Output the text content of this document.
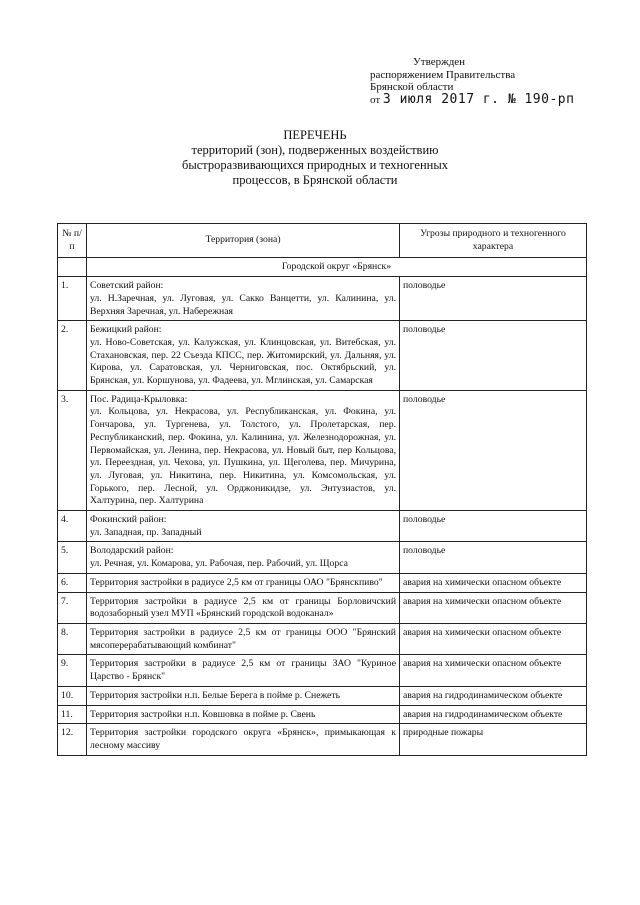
Утвержден
распоряжением Правительства
Брянской области
от 3 июля 2017 г. № 190-рп
ПЕРЕЧЕНЬ
территорий (зон), подверженных воздействию
быстроразвивающихся природных и техногенных
процессов, в Брянской области
№ п/п	Территория (зона)	Угрозы природного и техногенного характера
	Городской округ «Брянск»	
1.	Советский район:
ул. Н.Заречная, ул. Луговая, ул. Сакко Ванцетти, ул. Калинина, ул. Верхняя Заречная, ул. Набережная	половодье
2.	Бежицкий район:
ул. Ново-Советская, ул. Калужская, ул. Клинцовская, ул. Витебская, ул. Стахановская, пер. 22 Съезда КПСС, пер. Житомирский, ул. Дальняя, ул. Кирова, ул. Саратовская, ул. Черниговская, пос. Октябрьский, ул. Брянская, ул. Коршунова, ул. Фадеева, ул. Мглинская, ул. Самарская	половодье
3.	Пос. Радица-Крыловка:
ул. Кольцова, ул. Некрасова, ул. Республиканская, ул. Фокина, ул. Гончарова, ул. Тургенева, ул. Толстого, ул. Пролетарская, пер. Республиканский, пер. Фокина, ул. Калинина, ул. Железнодорожная, ул. Первомайская, ул. Ленина, пер. Некрасова, ул. Новый быт, пер Кольцова, ул. Переездная, ул. Чехова, ул. Пушкина, ул. Щеголева, пер. Мичурина, ул. Луговая, ул. Никитина, пер. Никитина, ул. Комсомольская, ул. Горького, пер. Лесной, ул. Орджоникидзе, ул. Энтузиастов, ул. Халтурина, пер. Халтурина	половодье
4.	Фокинский район:
ул. Западная, пр. Западный	половодье
5.	Володарский район:
ул. Речная, ул. Комарова, ул. Рабочая, пер. Рабочий, ул. Щорса	половодье
6.	Территория застройки в радиусе 2,5 км от границы ОАО "Брянскпиво"	авария на химически опасном объекте
7.	Территория застройки в радиусе 2,5 км от границы Борловичский водозаборный узел МУП «Брянский городской водоканал»	авария на химически опасном объекте
8.	Территория застройки в радиусе 2,5 км от границы ООО "Брянский мясоперерабатывающий комбинат"	авария на химически опасном объекте
9.	Территория застройки в радиусе 2,5 км от границы ЗАО "Куриное Царство - Брянск"	авария на химически опасном объекте
10.	Территория застройки н.п. Белые Берега в пойме р. Снежеть	авария на гидродинамическом объекте
11.	Территория застройки н.п. Ковшовка в пойме р. Свень	авария на гидродинамическом объекте
12.	Территория застройки городского округа «Брянск», примыкающая к лесному массиву	природные пожары
